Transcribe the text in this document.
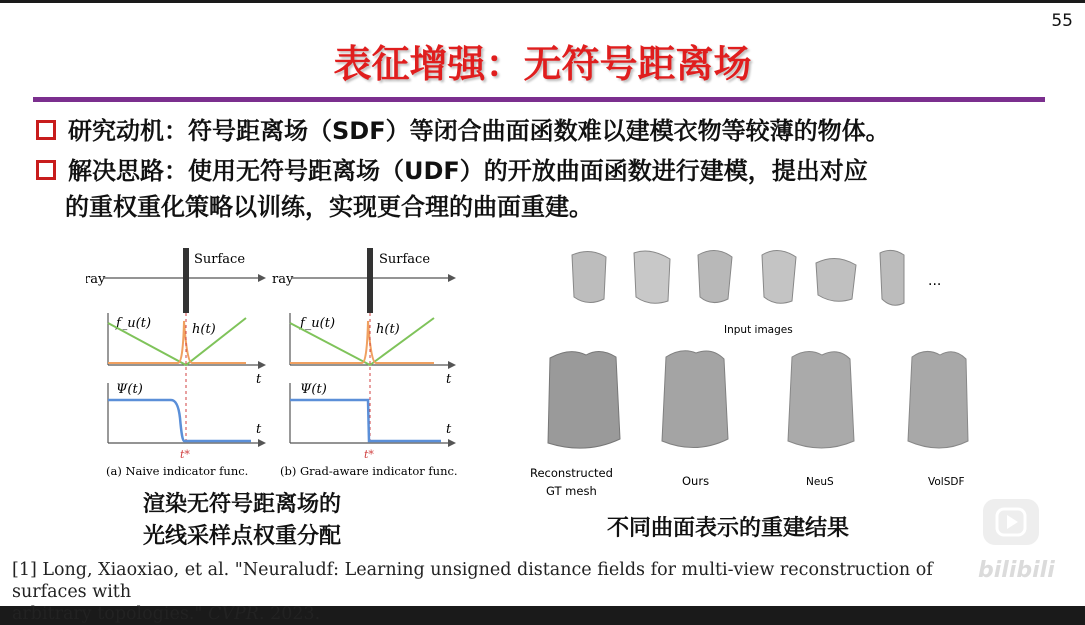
55
表征增强：无符号距离场
研究动机：符号距离场（SDF）等闭合曲面函数难以建模衣物等较薄的物体。
解决思路：使用无符号距离场（UDF）的开放曲面函数进行建模，提出对应
的重权重化策略以训练，实现更合理的曲面重建。
ray
Surface
t
f_u(t)	h(t)
t
Ψ(t)
t*
(a) Naive indicator func.
ray
Surface
t
f_u(t)	h(t)
t
Ψ(t)
t*
(b) Grad-aware indicator func.
...
Input images
Reconstructed
GT mesh
Ours	NeuS	VolSDF
渲染无符号距离场的
光线采样点权重分配	不同曲面表示的重建结果
[1] Long, Xiaoxiao, et al. "Neuraludf: Learning unsigned distance fields for multi-view reconstruction of surfaces with
arbitrary topologies." CVPR. 2023.
bilibili
